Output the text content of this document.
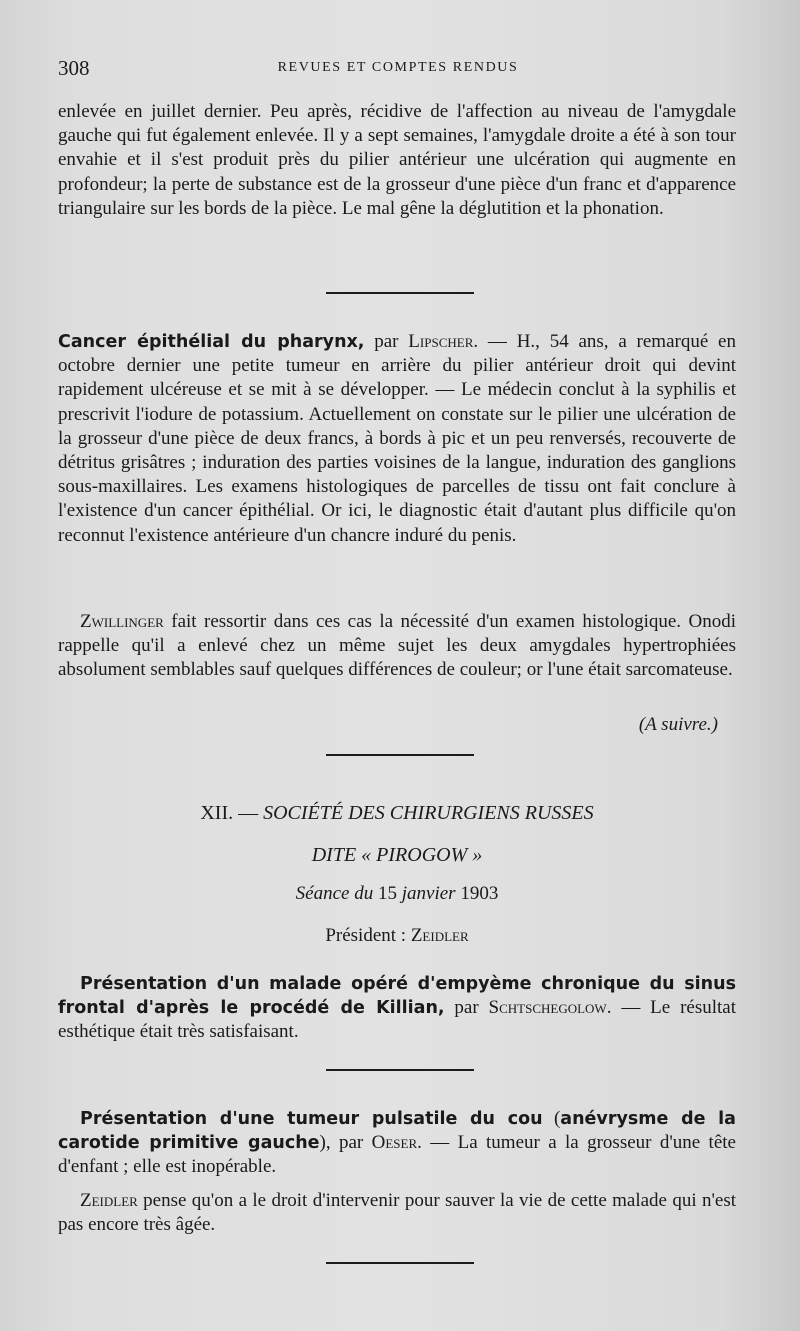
308	REVUES ET COMPTES RENDUS

enlevée en juillet dernier. Peu après, récidive de l'affection au niveau de l'amygdale gauche qui fut également enlevée. Il y a sept semaines, l'amygdale droite a été à son tour envahie et il s'est produit près du pilier antérieur une ulcération qui augmente en profondeur; la perte de substance est de la grosseur d'une pièce d'un franc et d'apparence triangulaire sur les bords de la pièce. Le mal gêne la déglutition et la phonation.

Cancer épithélial du pharynx, par Lipscher. — H., 54 ans, a remarqué en octobre dernier une petite tumeur en arrière du pilier antérieur droit qui devint rapidement ulcéreuse et se mit à se développer. — Le médecin conclut à la syphilis et prescrivit l'iodure de potassium. Actuellement on constate sur le pilier une ulcération de la grosseur d'une pièce de deux francs, à bords à pic et un peu renversés, recouverte de détritus grisâtres ; induration des parties voisines de la langue, induration des ganglions sous-maxillaires. Les examens histologiques de parcelles de tissu ont fait conclure à l'existence d'un cancer épithélial. Or ici, le diagnostic était d'autant plus difficile qu'on reconnut l'existence antérieure d'un chancre induré du penis.

Zwillinger fait ressortir dans ces cas la nécessité d'un examen histologique. Onodi rappelle qu'il a enlevé chez un même sujet les deux amygdales hypertrophiées absolument semblables sauf quelques différences de couleur; or l'une était sarcomateuse.

(A suivre.)

XII. — SOCIÉTÉ DES CHIRURGIENS RUSSES

DITE « PIROGOW »

Séance du 15 janvier 1903

Président : Zeidler

Présentation d'un malade opéré d'empyème chronique du sinus frontal d'après le procédé de Killian, par Schtschegolow. — Le résultat esthétique était très satisfaisant.

Présentation d'une tumeur pulsatile du cou (anévrysme de la carotide primitive gauche), par Oeser. — La tumeur a la grosseur d'une tête d'enfant ; elle est inopérable.

Zeidler pense qu'on a le droit d'intervenir pour sauver la vie de cette malade qui n'est pas encore très âgée.
